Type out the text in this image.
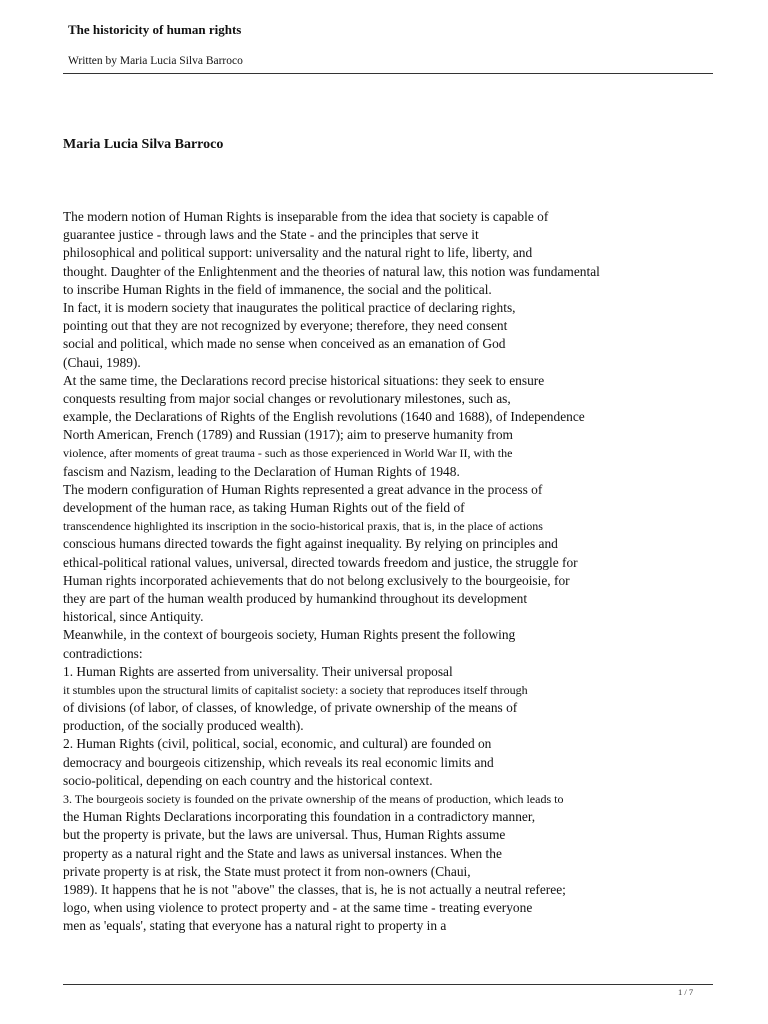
The historicity of human rights
Written by Maria Lucia Silva Barroco
Maria Lucia Silva Barroco
The modern notion of Human Rights is inseparable from the idea that society is capable of
guarantee justice - through laws and the State - and the principles that serve it
philosophical and political support: universality and the natural right to life, liberty, and
thought. Daughter of the Enlightenment and the theories of natural law, this notion was fundamental
to inscribe Human Rights in the field of immanence, the social and the political.
In fact, it is modern society that inaugurates the political practice of declaring rights,
pointing out that they are not recognized by everyone; therefore, they need consent
social and political, which made no sense when conceived as an emanation of God
(Chaui, 1989).
At the same time, the Declarations record precise historical situations: they seek to ensure
conquests resulting from major social changes or revolutionary milestones, such as,
example, the Declarations of Rights of the English revolutions (1640 and 1688), of Independence
North American, French (1789) and Russian (1917); aim to preserve humanity from
violence, after moments of great trauma - such as those experienced in World War II, with the
fascism and Nazism, leading to the Declaration of Human Rights of 1948.
The modern configuration of Human Rights represented a great advance in the process of
development of the human race, as taking Human Rights out of the field of
transcendence highlighted its inscription in the socio-historical praxis, that is, in the place of actions
conscious humans directed towards the fight against inequality. By relying on principles and
ethical-political rational values, universal, directed towards freedom and justice, the struggle for
Human rights incorporated achievements that do not belong exclusively to the bourgeoisie, for
they are part of the human wealth produced by humankind throughout its development
historical, since Antiquity.
Meanwhile, in the context of bourgeois society, Human Rights present the following
contradictions:
1. Human Rights are asserted from universality. Their universal proposal
it stumbles upon the structural limits of capitalist society: a society that reproduces itself through
of divisions (of labor, of classes, of knowledge, of private ownership of the means of
production, of the socially produced wealth).
2. Human Rights (civil, political, social, economic, and cultural) are founded on
democracy and bourgeois citizenship, which reveals its real economic limits and
socio-political, depending on each country and the historical context.
3. The bourgeois society is founded on the private ownership of the means of production, which leads to
the Human Rights Declarations incorporating this foundation in a contradictory manner,
but the property is private, but the laws are universal. Thus, Human Rights assume
property as a natural right and the State and laws as universal instances. When the
private property is at risk, the State must protect it from non-owners (Chaui,
1989). It happens that he is not "above" the classes, that is, he is not actually a neutral referee;
logo, when using violence to protect property and - at the same time - treating everyone
men as 'equals', stating that everyone has a natural right to property in a
1 / 7
